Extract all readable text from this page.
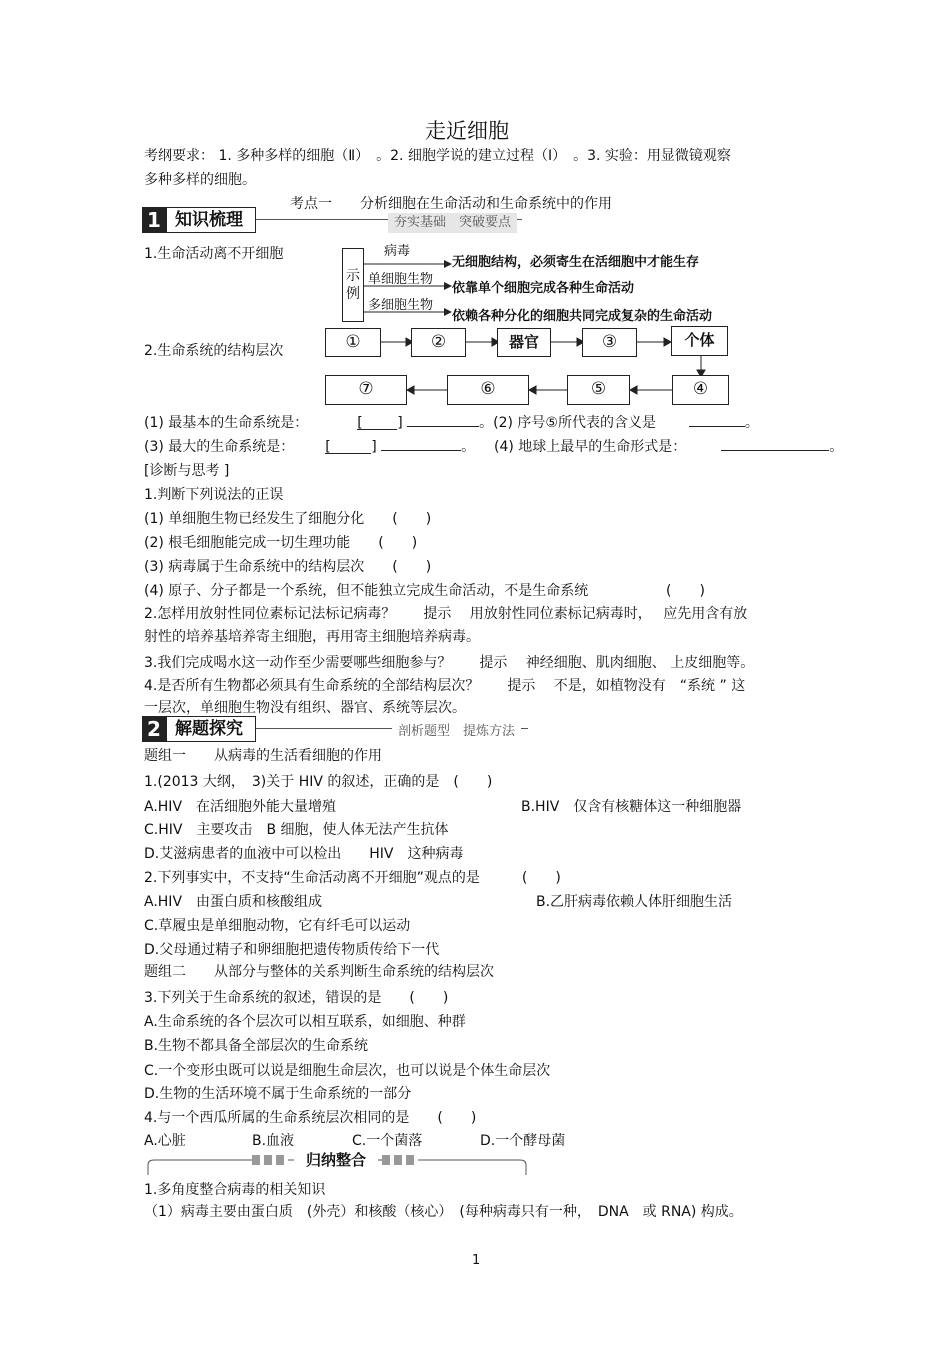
走近细胞
考纲要求： 1. 多种多样的细胞（Ⅱ）　。2. 细胞学说的建立过程（Ⅰ）　。3. 实验：用显微镜观察
多种多样的细胞。
考点一　　分析细胞在生命活动和生命系统中的作用
1 知识梳理	夯实基础　突破要点
1.生命活动离不开细胞
示例
病毒
单细胞生物
多细胞生物
无细胞结构，必须寄生在活细胞中才能生存
依靠单个细胞完成各种生命活动
依赖各种分化的细胞共同完成复杂的生命活动
2.生命系统的结构层次	①	②	器官	③	个体
⑦	⑥	⑤	④
(1) 最基本的生命系统是：	[ ]	。(2) 序号⑤所代表的含义是	。
(3) 最大的生命系统是： [	]	。 (4) 地球上最早的生命形式是：	。
[诊断与思考 ]
1.判断下列说法的正误
(1) 单细胞生物已经发生了细胞分化　　(　　)
(2) 根毛细胞能完成一切生理功能　　(　　)
(3) 病毒属于生命系统中的结构层次　　(　　)
(4) 原子、分子都是一个系统，但不能独立完成生命活动，不是生命系统	(　　)
2.怎样用放射性同位素标记法标记病毒？　　提示　 用放射性同位素标记病毒时，　 应先用含有放
射性的培养基培养寄主细胞，再用寄主细胞培养病毒。
3.我们完成喝水这一动作至少需要哪些细胞参与？　　提示　 神经细胞、肌肉细胞、 上皮细胞等。
4.是否所有生物都必须具有生命系统的全部结构层次？　　提示　 不是，如植物没有　“系统 ” 这
一层次，单细胞生物没有组织、器官、系统等层次。
2 解题探究	剖析题型　提炼方法
题组一　　从病毒的生活看细胞的作用
1.(2013 大纲，　3)关于 HIV 的叙述，正确的是　(　　)
A.HIV　在活细胞外能大量增殖	B.HIV　仅含有核糖体这一种细胞器
C.HIV　主要攻击　B 细胞，使人体无法产生抗体
D.艾滋病患者的血液中可以检出　　HIV　这种病毒
2.下列事实中，不支持“生命活动离不开细胞”观点的是　　　(　　)
A.HIV　由蛋白质和核酸组成	B.乙肝病毒依赖人体肝细胞生活
C.草履虫是单细胞动物，它有纤毛可以运动
D.父母通过精子和卵细胞把遗传物质传给下一代
题组二　　从部分与整体的关系判断生命系统的结构层次
3.下列关于生命系统的叙述，错误的是　　(　　)
A.生命系统的各个层次可以相互联系，如细胞、种群
B.生物不都具备全部层次的生命系统
C.一个变形虫既可以说是细胞生命层次，也可以说是个体生命层次
D.生物的生活环境不属于生命系统的一部分
4.与一个西瓜所属的生命系统层次相同的是　　(　　)
A.心脏	B.血液	C.一个菌落	D.一个酵母菌
归纳整合
1.多角度整合病毒的相关知识
（1）病毒主要由蛋白质　(外壳）和核酸（核心）　(每种病毒只有一种，　DNA　或 RNA) 构成。
1
